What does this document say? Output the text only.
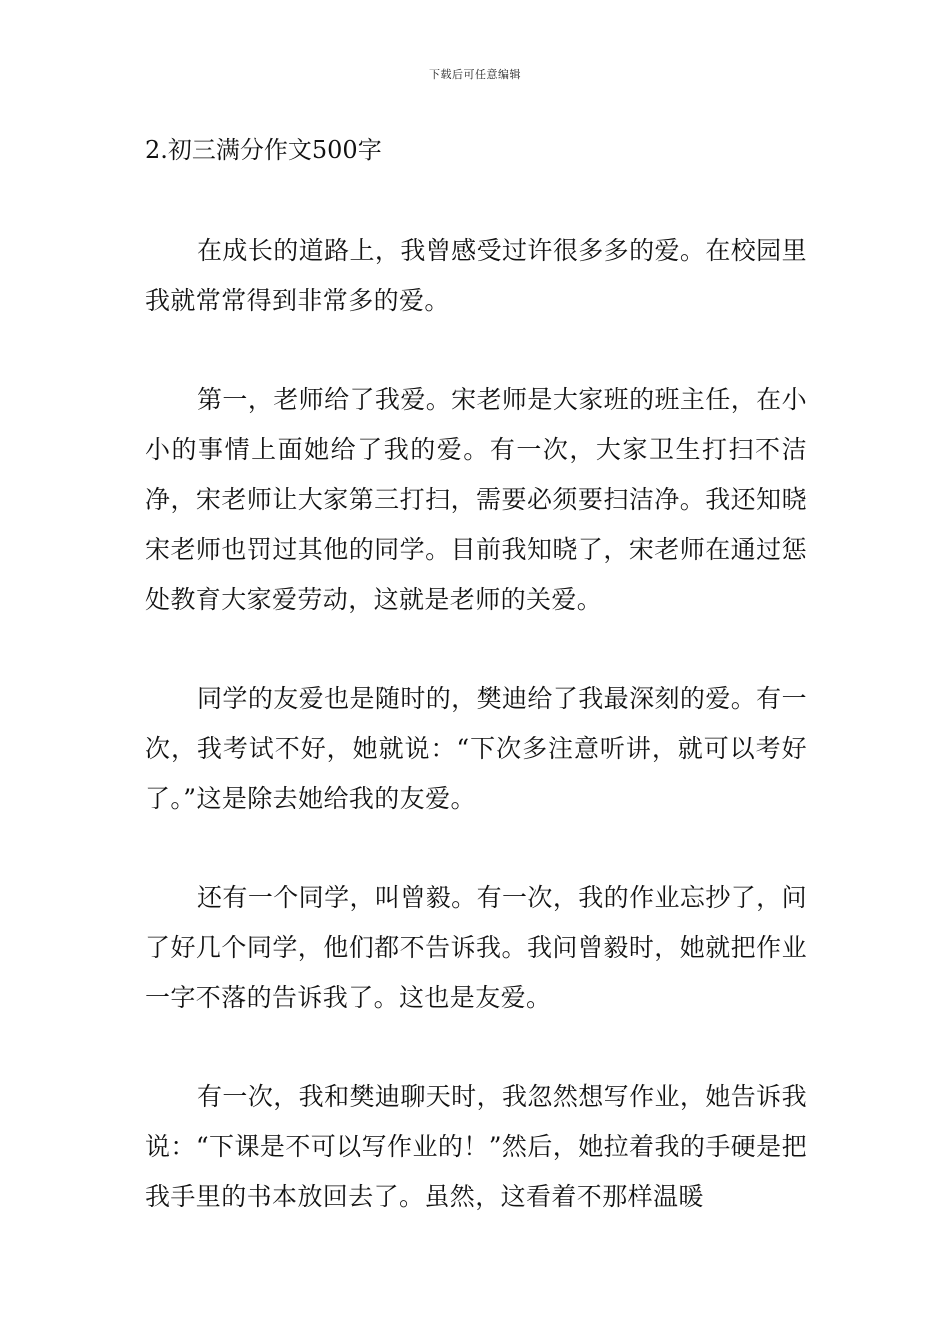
下载后可任意编辑
2.初三满分作文500字

在成长的道路上，我曾感受过许很多多的爱。在校园里我就常常得到非常多的爱。

第一，老师给了我爱。宋老师是大家班的班主任，在小小的事情上面她给了我的爱。有一次，大家卫生打扫不洁净，宋老师让大家第三打扫，需要必须要扫洁净。我还知晓宋老师也罚过其他的同学。目前我知晓了，宋老师在通过惩处教育大家爱劳动，这就是老师的关爱。

同学的友爱也是随时的，樊迪给了我最深刻的爱。有一次，我考试不好，她就说：“下次多注意听讲，就可以考好了。”这是除去她给我的友爱。

还有一个同学，叫曾毅。有一次，我的作业忘抄了，问了好几个同学，他们都不告诉我。我问曾毅时，她就把作业一字不落的告诉我了。这也是友爱。

有一次，我和樊迪聊天时，我忽然想写作业，她告诉我说：“下课是不可以写作业的！”然后，她拉着我的手硬是把我手里的书本放回去了。虽然，这看着不那样温暖
